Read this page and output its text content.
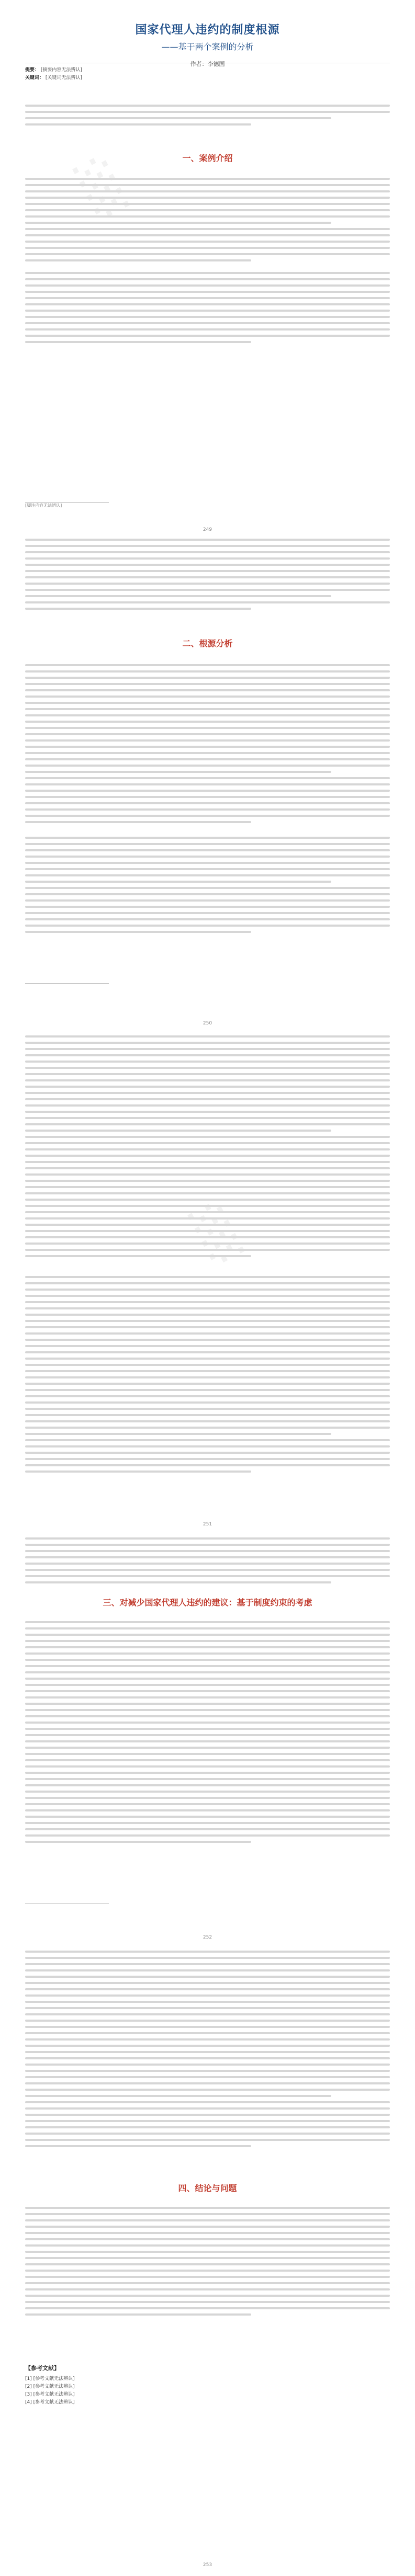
░
░
国家代理人违约的制度根源
——基于两个案例的分析
作者：李德国
提要： [摘要内容无法辨认]
关键词： [关键词无法辨认]
一、案例介绍
[脚注内容无法辨认]
249
二、根源分析
250
251
三、对减少国家代理人违约的建议：基于制度约束的考虑
252
四、结论与问题
【参考文献】
[1] [参考文献无法辨认]
[2] [参考文献无法辨认]
[3] [参考文献无法辨认]
[4] [参考文献无法辨认]
253
